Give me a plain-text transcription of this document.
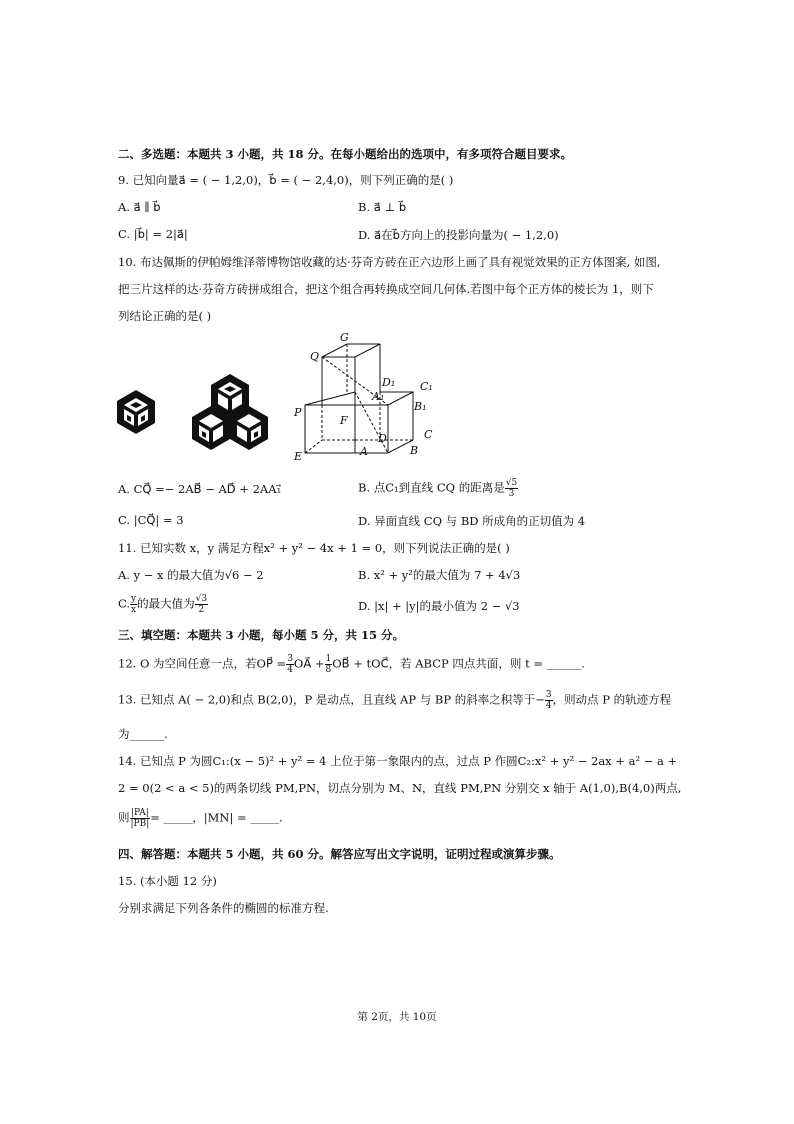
二、多选题：本题共 3 小题，共 18 分。在每小题给出的选项中，有多项符合题目要求。
9. 已知向量a⃗ = ( − 1,2,0)，b⃗ = ( − 2,4,0)，则下列正确的是( )
A. a⃗ ∥ b⃗	B. a⃗ ⊥ b⃗
C. |b⃗| = 2|a⃗|	D. a⃗在b⃗方向上的投影向量为( − 1,2,0)
10. 布达佩斯的伊帕姆维泽蒂博物馆收藏的达·芬奇方砖在正六边形上画了具有视觉效果的正方体图案, 如图,
把三片这样的达·芬奇方砖拼成组合，把这个组合再转换成空间几何体.若图中每个正方体的棱长为 1，则下
列结论正确的是( )
G
Q
D₁ C₁
A₁
B₁
P
F
D	C
E	A	B
A. CQ⃗ =− 2AB⃗ − AD⃗ + 2AA₁⃗	B. 点C₁到直线 CQ 的距离是 $\frac{√5}{3}$
C. |CQ⃗| = 3	D. 异面直线 CQ 与 BD 所成角的正切值为 4
11. 已知实数 x，y 满足方程x² + y² − 4x + 1 = 0，则下列说法正确的是( )
A. y − x 的最大值为√6 − 2	B. x² + y²的最大值为 7 + 4√3
C. $\frac{y}{x}$ 的最大值为 $\frac{√3}{2}$	D. |x| + |y|的最小值为 2 − √3
三、填空题：本题共 3 小题，每小题 5 分，共 15 分。
12. O 为空间任意一点，若OP⃗ = $\frac{3}{4}$ OA⃗ + $\frac{1}{8}$ OB⃗ + tOC⃗，若 ABCP 四点共面，则 t = ______.
13. 已知点 A( − 2,0)和点 B(2,0)，P 是动点，且直线 AP 与 BP 的斜率之积等于− $\frac{3}{4}$ ，则动点 P 的轨迹方程
为______.
14. 已知点 P 为圆C₁:(x − 5)² + y² = 4 上位于第一象限内的点，过点 P 作圆C₂:x² + y² − 2ax + a² − a +
2 = 0(2 < a < 5)的两条切线 PM,PN，切点分别为 M、N，直线 PM,PN 分别交 x 轴于 A(1,0),B(4,0)两点,
则 $\frac{|PA|}{|PB|}$ = _____，|MN| = _____.
四、解答题：本题共 5 小题，共 60 分。解答应写出文字说明，证明过程或演算步骤。
15. (本小题 12 分)
分别求满足下列各条件的椭圆的标准方程.
第 2页，共 10页
